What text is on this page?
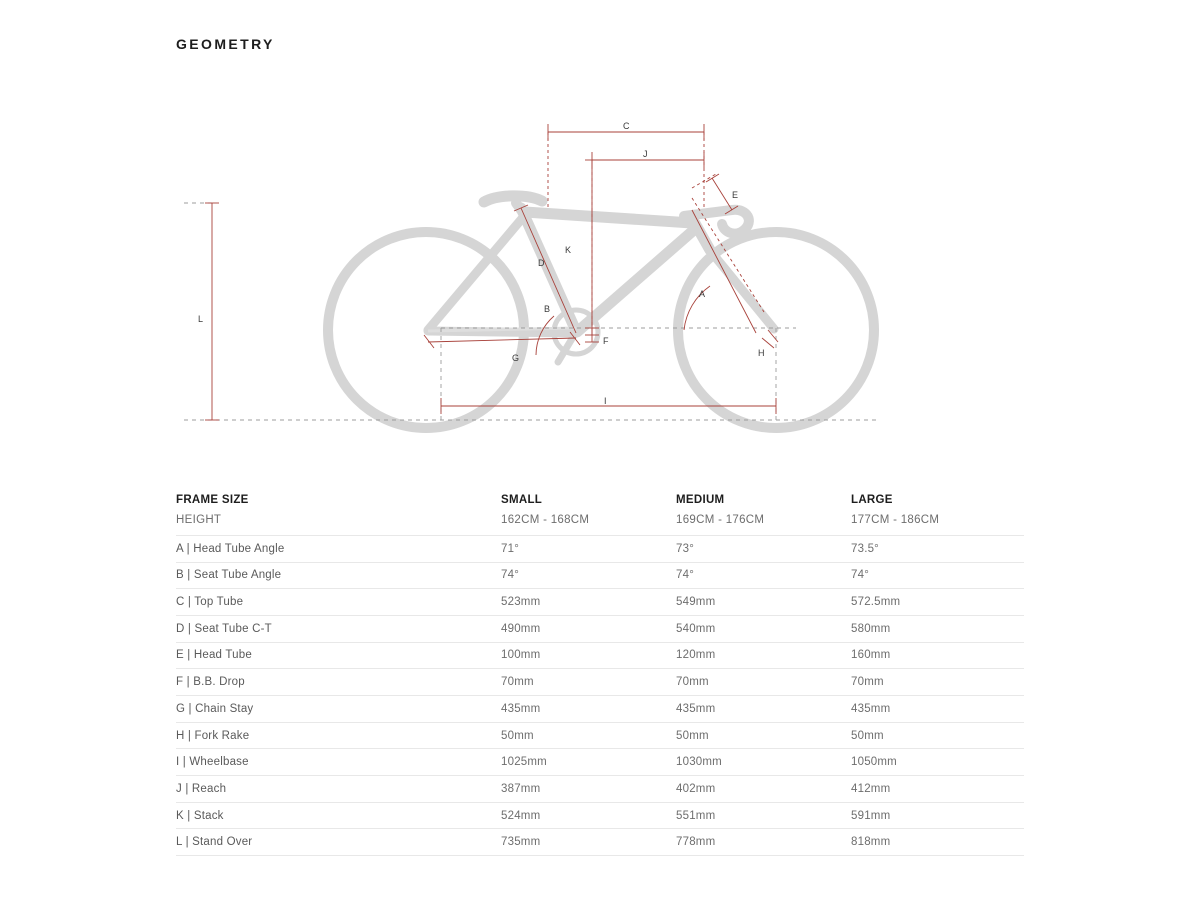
GEOMETRY
C
J
K
D
B
E
A
F
G	H
I
L
FRAME SIZE	SMALL	MEDIUM	LARGE
HEIGHT	162CM - 168CM	169CM - 176CM	177CM - 186CM
A | Head Tube Angle	71°	73°	73.5°
B | Seat Tube Angle	74°	74°	74°
C | Top Tube	523mm	549mm	572.5mm
D | Seat Tube C-T	490mm	540mm	580mm
E | Head Tube	100mm	120mm	160mm
F | B.B. Drop	70mm	70mm	70mm
G | Chain Stay	435mm	435mm	435mm
H | Fork Rake	50mm	50mm	50mm
I | Wheelbase	1025mm	1030mm	1050mm
J | Reach	387mm	402mm	412mm
K | Stack	524mm	551mm	591mm
L | Stand Over	735mm	778mm	818mm
